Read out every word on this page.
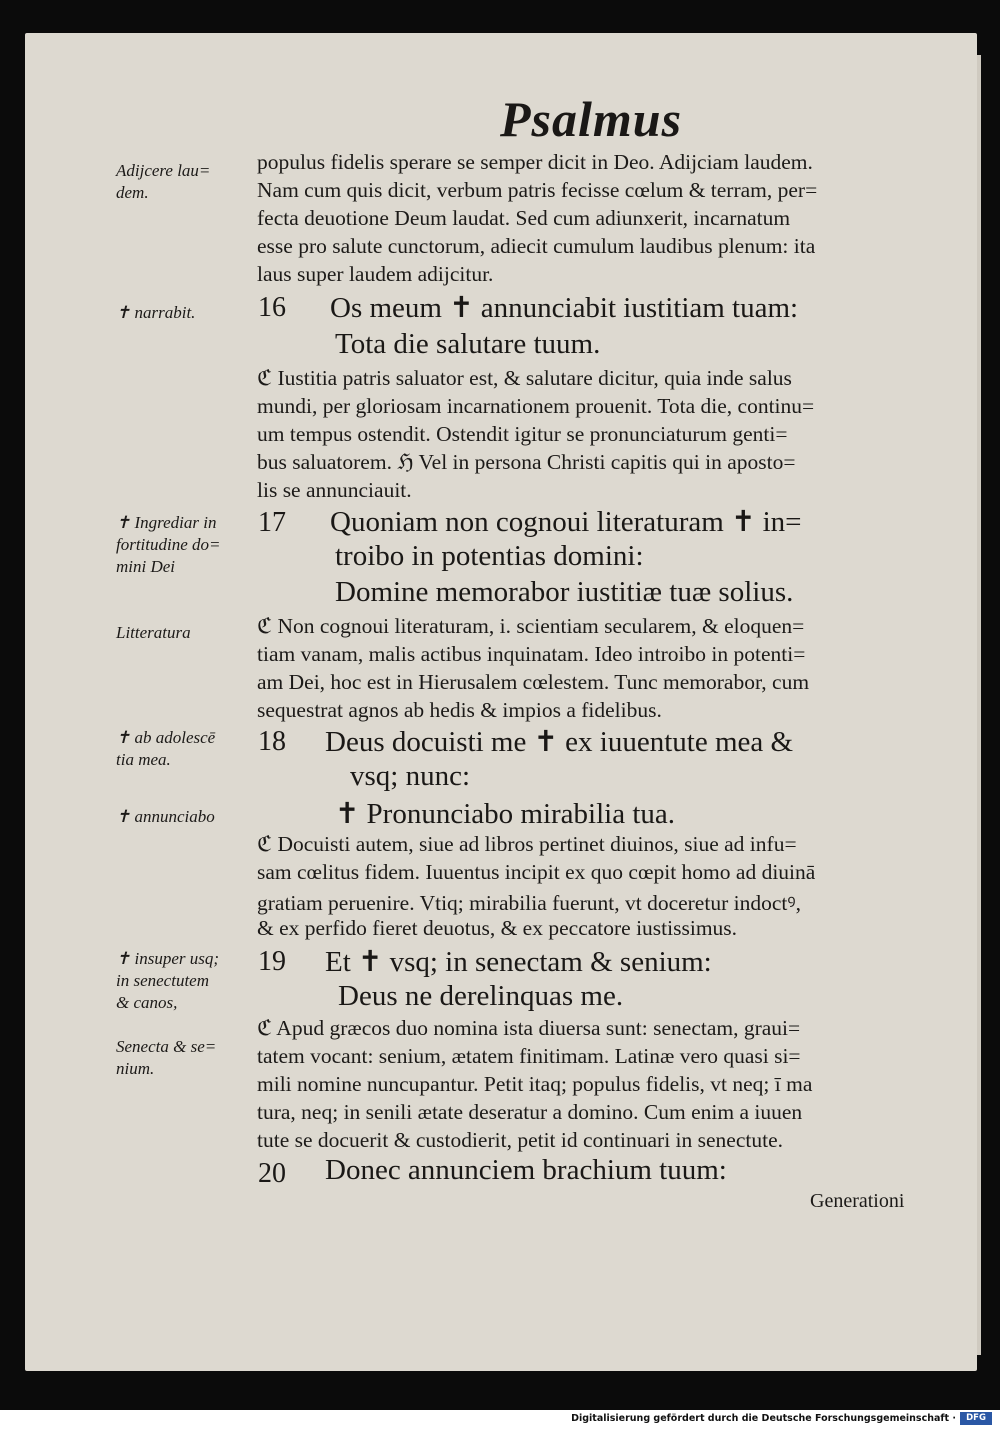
Psalmus
Adijcere lau=
dem.
✝ narrabit.
✝ Ingrediar in
fortitudine do=
mini Dei
Litteratura
✝ ab adolescē
tia mea.
✝ annunciabo
✝ insuper usq;
in senectutem
& canos,
Senecta & se=
nium.
populus fidelis sperare se semper dicit in Deo. Adijciam laudem.
Nam cum quis dicit, verbum patris fecisse cœlum & terram, per=
fecta deuotione Deum laudat. Sed cum adiunxerit, incarnatum
esse pro salute cunctorum, adiecit cumulum laudibus plenum: ita
laus super laudem adijcitur.
16 Os meum ✝ annunciabit iustitiam tuam:
Tota die salutare tuum.
ℭ Iustitia patris saluator est, & salutare dicitur, quia inde salus
mundi, per gloriosam incarnationem prouenit. Tota die, continu=
um tempus ostendit. Ostendit igitur se pronunciaturum genti=
bus saluatorem. ℌ Vel in persona Christi capitis qui in aposto=
lis se annunciauit.
17 Quoniam non cognoui literaturam ✝ in=
troibo in potentias domini:
Domine memorabor iustitiæ tuæ solius.
ℭ Non cognoui literaturam, i. scientiam secularem, & eloquen=
tiam vanam, malis actibus inquinatam. Ideo introibo in potenti=
am Dei, hoc est in Hierusalem cœlestem. Tunc memorabor, cum
sequestrat agnos ab hedis & impios a fidelibus.
18 Deus docuisti me ✝ ex iuuentute mea &
vsq; nunc:
✝ Pronunciabo mirabilia tua.
ℭ Docuisti autem, siue ad libros pertinet diuinos, siue ad infu=
sam cœlitus fidem. Iuuentus incipit ex quo cœpit homo ad diuinā
gratiam peruenire. Vtiq; mirabilia fuerunt, vt doceretur indoctꝰ,
& ex perfido fieret deuotus, & ex peccatore iustissimus.
19 Et ✝ vsq; in senectam & senium:
Deus ne derelinquas me.
ℭ Apud græcos duo nomina ista diuersa sunt: senectam, graui=
tatem vocant: senium, ætatem finitimam. Latinæ vero quasi si=
mili nomine nuncupantur. Petit itaq; populus fidelis, vt neq; ī ma
tura, neq; in senili ætate deseratur a domino. Cum enim a iuuen
tute se docuerit & custodierit, petit id continuari in senectute.
20 Donec annunciem brachium tuum:
Generationi
Digitalisierung gefördert durch die Deutsche Forschungsgemeinschaft ·	DFG
